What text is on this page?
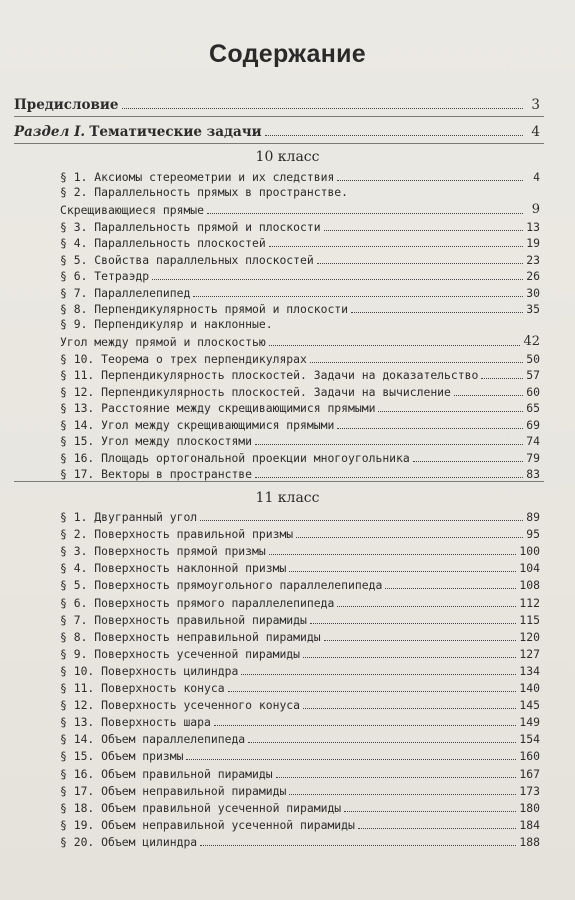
Содержание
Предисловие	3
Раздел I. Тематические задачи	4
10 класс
§ 1. Аксиомы стереометрии и их следствия	4
§ 2. Параллельность прямых в пространстве.
Скрещивающиеся прямые	9
§ 3. Параллельность прямой и плоскости	13
§ 4. Параллельность плоскостей	19
§ 5. Свойства параллельных плоскостей	23
§ 6. Тетраэдр	26
§ 7. Параллелепипед	30
§ 8. Перпендикулярность прямой и плоскости	35
§ 9. Перпендикуляр и наклонные.
Угол между прямой и плоскостью	42
§ 10. Теорема о трех перпендикулярах	50
§ 11. Перпендикулярность плоскостей. Задачи на доказательство	57
§ 12. Перпендикулярность плоскостей. Задачи на вычисление	60
§ 13. Расстояние между скрещивающимися прямыми	65
§ 14. Угол между скрещивающимися прямыми	69
§ 15. Угол между плоскостями	74
§ 16. Площадь ортогональной проекции многоугольника	79
§ 17. Векторы в пространстве	83
11 класс
§ 1. Двугранный угол	89
§ 2. Поверхность правильной призмы	95
§ 3. Поверхность прямой призмы	100
§ 4. Поверхность наклонной призмы	104
§ 5. Поверхность прямоугольного параллелепипеда	108
§ 6. Поверхность прямого параллелепипеда	112
§ 7. Поверхность правильной пирамиды	115
§ 8. Поверхность неправильной пирамиды	120
§ 9. Поверхность усеченной пирамиды	127
§ 10. Поверхность цилиндра	134
§ 11. Поверхность конуса	140
§ 12. Поверхность усеченного конуса	145
§ 13. Поверхность шара	149
§ 14. Объем параллелепипеда	154
§ 15. Объем призмы	160
§ 16. Объем правильной пирамиды	167
§ 17. Объем неправильной пирамиды	173
§ 18. Объем правильной усеченной пирамиды	180
§ 19. Объем неправильной усеченной пирамиды	184
§ 20. Объем цилиндра	188
